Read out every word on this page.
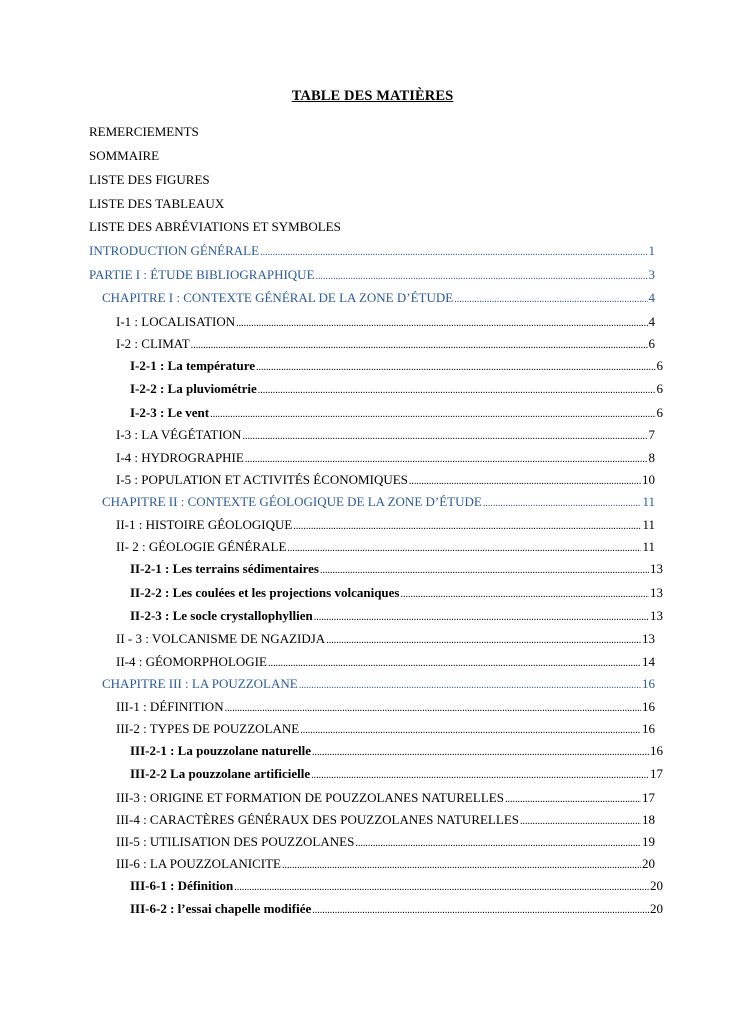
TABLE DES MATIÈRES
REMERCIEMENTS
SOMMAIRE
LISTE DES FIGURES
LISTE DES TABLEAUX
LISTE DES ABRÉVIATIONS ET SYMBOLES
INTRODUCTION GÉNÉRALE .....	1
PARTIE I : ÉTUDE BIBLIOGRAPHIQUE .....	3
CHAPITRE I : CONTEXTE GÉNÉRAL DE LA ZONE D’ÉTUDE .....	4
I-1 : LOCALISATION .....	4
I-2 : CLIMAT .....	6
I-2-1 : La température .....	6
I-2-2 : La pluviométrie .....	6
I-2-3 : Le vent .....	6
I-3 : LA VÉGÉTATION .....	7
I-4 : HYDROGRAPHIE .....	8
I-5 : POPULATION ET ACTIVITÉS ÉCONOMIQUES .....	10
CHAPITRE II : CONTEXTE GÉOLOGIQUE DE LA ZONE D’ÉTUDE .....	11
II-1 : HISTOIRE GÉOLOGIQUE .....	11
II- 2 : GÉOLOGIE GÉNÉRALE .....	11
II-2-1 : Les terrains sédimentaires .....	13
II-2-2 : Les coulées et les projections volcaniques .....	13
II-2-3 : Le socle crystallophyllien .....	13
II - 3 : VOLCANISME DE NGAZIDJA .....	13
II-4 : GÉOMORPHOLOGIE .....	14
CHAPITRE III : LA POUZZOLANE .....	16
III-1 : DÉFINITION .....	16
III-2 : TYPES DE POUZZOLANE .....	16
III-2-1 : La pouzzolane naturelle .....	16
III-2-2 La pouzzolane artificielle .....	17
III-3 : ORIGINE ET FORMATION DE POUZZOLANES NATURELLES .....	17
III-4 : CARACTÈRES GÉNÉRAUX DES POUZZOLANES NATURELLES .....	18
III-5 : UTILISATION DES POUZZOLANES .....	19
III-6 : LA POUZZOLANICITE .....	20
III-6-1 : Définition .....	20
III-6-2 : l’essai chapelle modifiée .....	20
